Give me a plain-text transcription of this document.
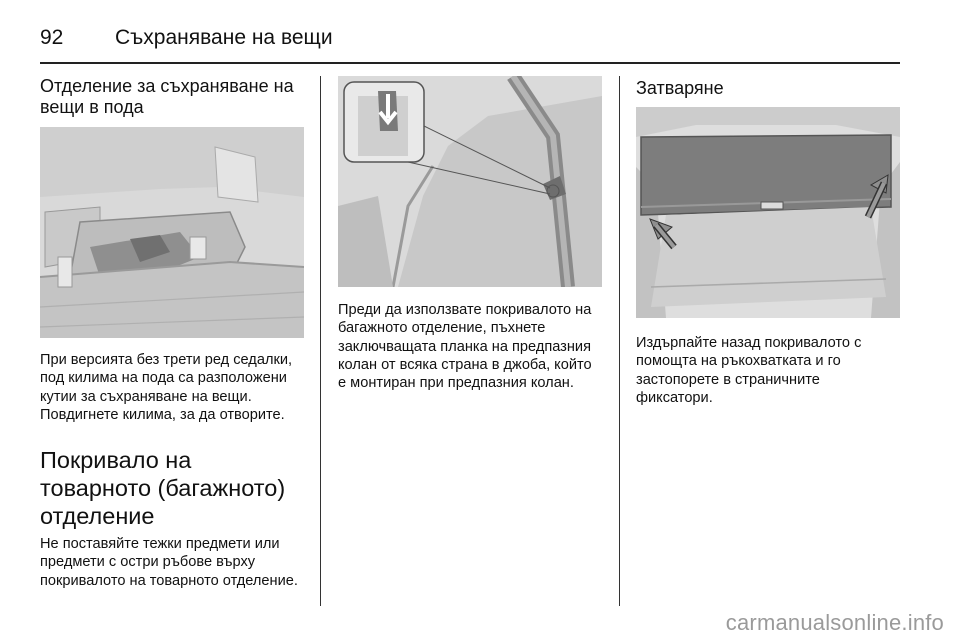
92	Съхраняване на вещи
Отделение за съхраняване на вещи в пода

При версията без трети ред седалки, под килима на пода са разположени кутии за съхраняване на вещи. Повдигнете килима, за да отворите.

Покривало на товарното (багажното) отделение

Не поставяйте тежки предмети или предмети с остри ръбове върху покривалото на товарното отделение.

Преди да използвате покривалото на багажното отделение, пъхнете заключващата планка на предпазния колан от всяка страна в джоба, който е монтиран при предпазния колан.

Затваряне

Издърпайте назад покривалото с помощта на ръкохватката и го застопорете в страничните фиксатори.

carmanualsonline.info
